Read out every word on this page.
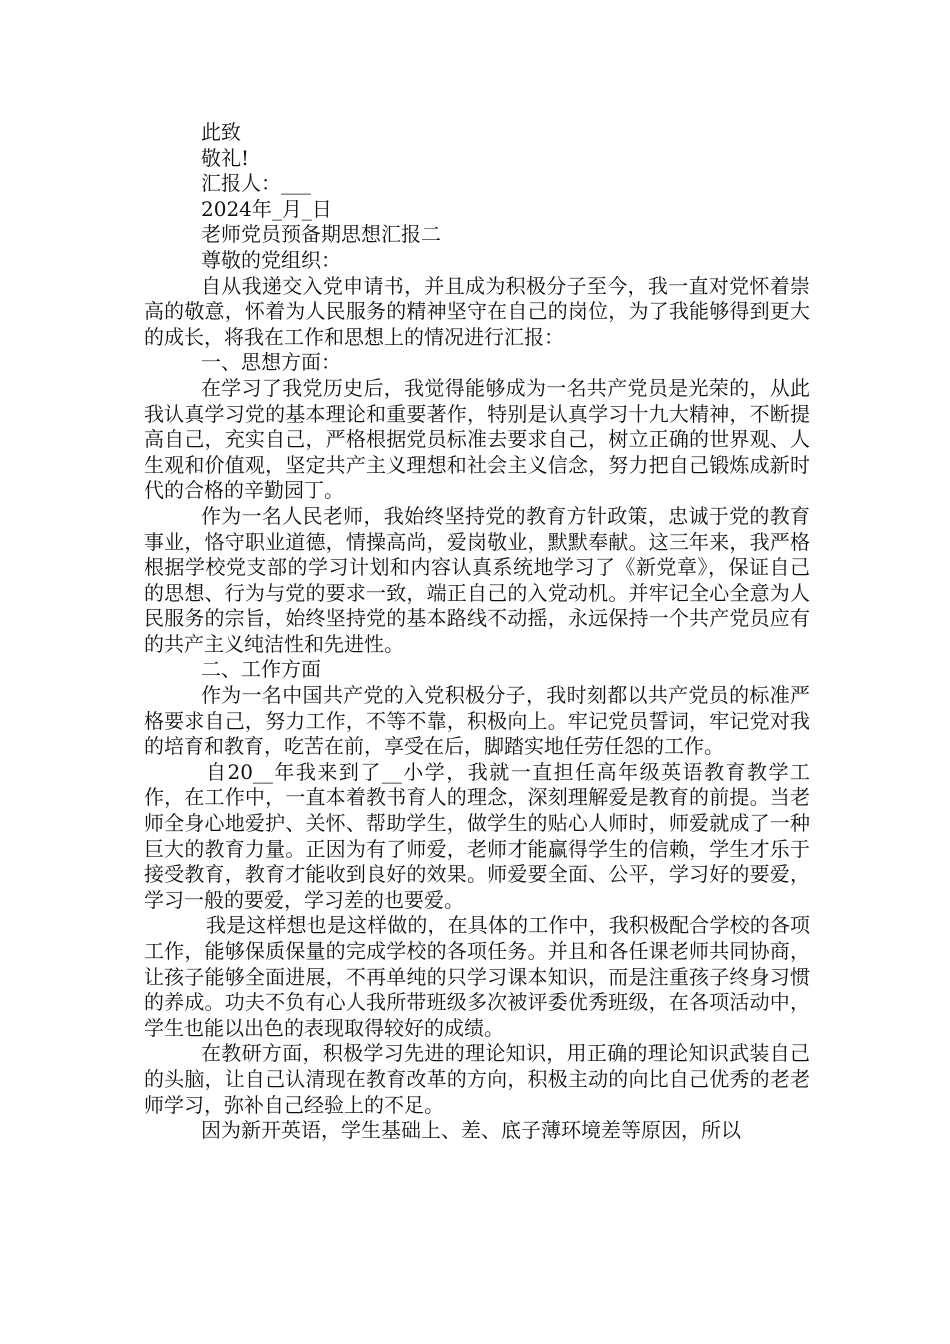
此致

敬礼!

汇报人：___

2024年_月_日

老师党员预备期思想汇报二

尊敬的党组织：

自从我递交入党申请书，并且成为积极分子至今，我一直对党怀着崇高的敬意，怀着为人民服务的精神坚守在自己的岗位，为了我能够得到更大的成长，将我在工作和思想上的情况进行汇报：

一、思想方面：

在学习了我党历史后，我觉得能够成为一名共产党员是光荣的，从此我认真学习党的基本理论和重要著作，特别是认真学习十九大精神，不断提高自己，充实自己，严格根据党员标准去要求自己，树立正确的世界观、人生观和价值观，坚定共产主义理想和社会主义信念，努力把自己锻炼成新时代的合格的辛勤园丁。

作为一名人民老师，我始终坚持党的教育方针政策，忠诚于党的教育事业，恪守职业道德，情操高尚，爱岗敬业，默默奉献。这三年来，我严格根据学校党支部的学习计划和内容认真系统地学习了《新党章》，保证自己的思想、行为与党的要求一致，端正自己的入党动机。并牢记全心全意为人民服务的宗旨，始终坚持党的基本路线不动摇，永远保持一个共产党员应有的共产主义纯洁性和先进性。

二、工作方面

作为一名中国共产党的入党积极分子，我时刻都以共产党员的标准严格要求自己，努力工作，不等不靠，积极向上。牢记党员誓词，牢记党对我的培育和教育，吃苦在前，享受在后，脚踏实地任劳任怨的工作。

自20__年我来到了__小学，我就一直担任高年级英语教育教学工作，在工作中，一直本着教书育人的理念，深刻理解爱是教育的前提。当老师全身心地爱护、关怀、帮助学生，做学生的贴心人师时，师爱就成了一种巨大的教育力量。正因为有了师爱，老师才能赢得学生的信赖，学生才乐于接受教育，教育才能收到良好的效果。师爱要全面、公平，学习好的要爱，学习一般的要爱，学习差的也要爱。

我是这样想也是这样做的，在具体的工作中，我积极配合学校的各项工作，能够保质保量的完成学校的各项任务。并且和各任课老师共同协商，让孩子能够全面进展，不再单纯的只学习课本知识，而是注重孩子终身习惯的养成。功夫不负有心人我所带班级多次被评委优秀班级，在各项活动中，学生也能以出色的表现取得较好的成绩。

在教研方面，积极学习先进的理论知识，用正确的理论知识武装自己的头脑，让自己认清现在教育改革的方向，积极主动的向比自己优秀的老老师学习，弥补自己经验上的不足。

因为新开英语，学生基础上、差、底子薄环境差等原因，所以
